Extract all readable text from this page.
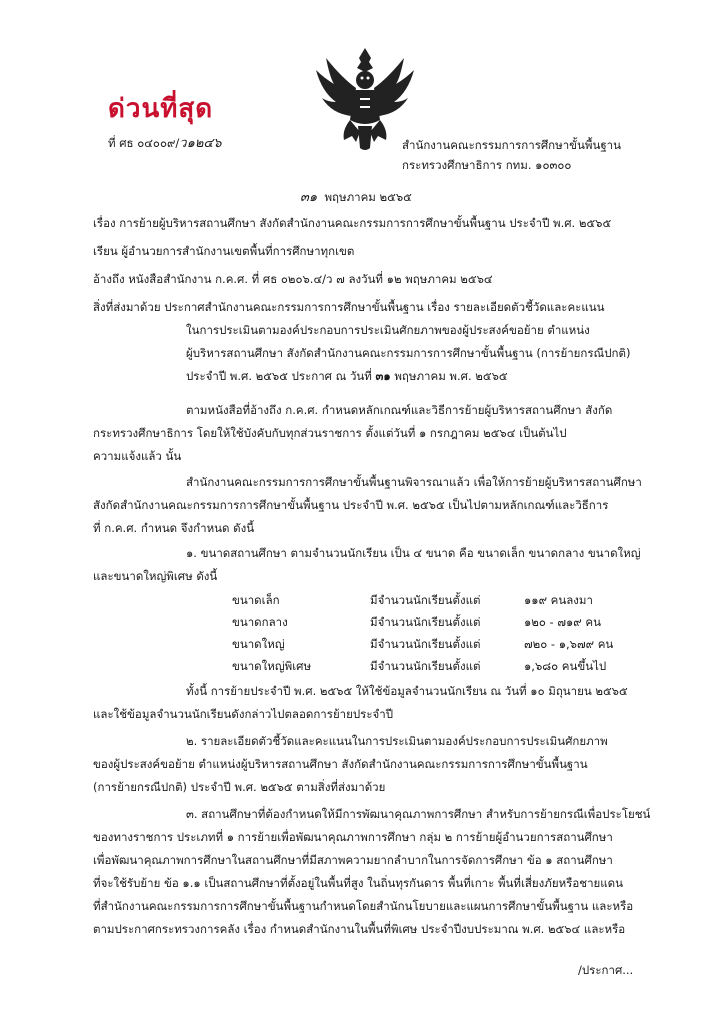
ด่วนที่สุด
ที่ ศธ ๐๔๐๐๙/ว๑๒๔๖	สำนักงานคณะกรรมการการศึกษาขั้นพื้นฐาน
กระทรวงศึกษาธิการ กทม. ๑๐๓๐๐
๓๑ พฤษภาคม ๒๕๖๕
เรื่อง การย้ายผู้บริหารสถานศึกษา สังกัดสำนักงานคณะกรรมการการศึกษาขั้นพื้นฐาน ประจำปี พ.ศ. ๒๕๖๕
เรียน ผู้อำนวยการสำนักงานเขตพื้นที่การศึกษาทุกเขต
อ้างถึง หนังสือสำนักงาน ก.ค.ศ. ที่ ศธ ๐๒๐๖.๔/ว ๗ ลงวันที่ ๑๒ พฤษภาคม ๒๕๖๔
สิ่งที่ส่งมาด้วย ประกาศสำนักงานคณะกรรมการการศึกษาขั้นพื้นฐาน เรื่อง รายละเอียดตัวชี้วัดและคะแนน
ในการประเมินตามองค์ประกอบการประเมินศักยภาพของผู้ประสงค์ขอย้าย ตำแหน่ง
ผู้บริหารสถานศึกษา สังกัดสำนักงานคณะกรรมการการศึกษาขั้นพื้นฐาน (การย้ายกรณีปกติ)
ประจำปี พ.ศ. ๒๕๖๕ ประกาศ ณ วันที่ ๓๑ พฤษภาคม พ.ศ. ๒๕๖๕
ตามหนังสือที่อ้างถึง ก.ค.ศ. กำหนดหลักเกณฑ์และวิธีการย้ายผู้บริหารสถานศึกษา สังกัด
กระทรวงศึกษาธิการ โดยให้ใช้บังคับกับทุกส่วนราชการ ตั้งแต่วันที่ ๑ กรกฎาคม ๒๕๖๔ เป็นต้นไป
ความแจ้งแล้ว นั้น
สำนักงานคณะกรรมการการศึกษาขั้นพื้นฐานพิจารณาแล้ว เพื่อให้การย้ายผู้บริหารสถานศึกษา
สังกัดสำนักงานคณะกรรมการการศึกษาขั้นพื้นฐาน ประจำปี พ.ศ. ๒๕๖๕ เป็นไปตามหลักเกณฑ์และวิธีการ
ที่ ก.ค.ศ. กำหนด จึงกำหนด ดังนี้
๑. ขนาดสถานศึกษา ตามจำนวนนักเรียน เป็น ๔ ขนาด คือ ขนาดเล็ก ขนาดกลาง ขนาดใหญ่
และขนาดใหญ่พิเศษ ดังนี้
ขนาดเล็ก	มีจำนวนนักเรียนตั้งแต่	๑๑๙ คนลงมา
ขนาดกลาง	มีจำนวนนักเรียนตั้งแต่	๑๒๐ - ๗๑๙ คน
ขนาดใหญ่	มีจำนวนนักเรียนตั้งแต่	๗๒๐ - ๑,๖๗๙ คน
ขนาดใหญ่พิเศษ	มีจำนวนนักเรียนตั้งแต่	๑,๖๘๐ คนขึ้นไป
ทั้งนี้ การย้ายประจำปี พ.ศ. ๒๕๖๕ ให้ใช้ข้อมูลจำนวนนักเรียน ณ วันที่ ๑๐ มิถุนายน ๒๕๖๕
และใช้ข้อมูลจำนวนนักเรียนดังกล่าวไปตลอดการย้ายประจำปี
๒. รายละเอียดตัวชี้วัดและคะแนนในการประเมินตามองค์ประกอบการประเมินศักยภาพ
ของผู้ประสงค์ขอย้าย ตำแหน่งผู้บริหารสถานศึกษา สังกัดสำนักงานคณะกรรมการการศึกษาขั้นพื้นฐาน
(การย้ายกรณีปกติ) ประจำปี พ.ศ. ๒๕๖๕ ตามสิ่งที่ส่งมาด้วย
๓. สถานศึกษาที่ต้องกำหนดให้มีการพัฒนาคุณภาพการศึกษา สำหรับการย้ายกรณีเพื่อประโยชน์
ของทางราชการ ประเภทที่ ๑ การย้ายเพื่อพัฒนาคุณภาพการศึกษา กลุ่ม ๒ การย้ายผู้อำนวยการสถานศึกษา
เพื่อพัฒนาคุณภาพการศึกษาในสถานศึกษาที่มีสภาพความยากลำบากในการจัดการศึกษา ข้อ ๑ สถานศึกษา
ที่จะใช้รับย้าย ข้อ ๑.๑ เป็นสถานศึกษาที่ตั้งอยู่ในพื้นที่สูง ในถิ่นทุรกันดาร พื้นที่เกาะ พื้นที่เสี่ยงภัยหรือชายแดน
ที่สำนักงานคณะกรรมการการศึกษาขั้นพื้นฐานกำหนดโดยสำนักนโยบายและแผนการศึกษาขั้นพื้นฐาน และหรือ
ตามประกาศกระทรวงการคลัง เรื่อง กำหนดสำนักงานในพื้นที่พิเศษ ประจำปีงบประมาณ พ.ศ. ๒๕๖๔ และหรือ
/ประกาศ...
